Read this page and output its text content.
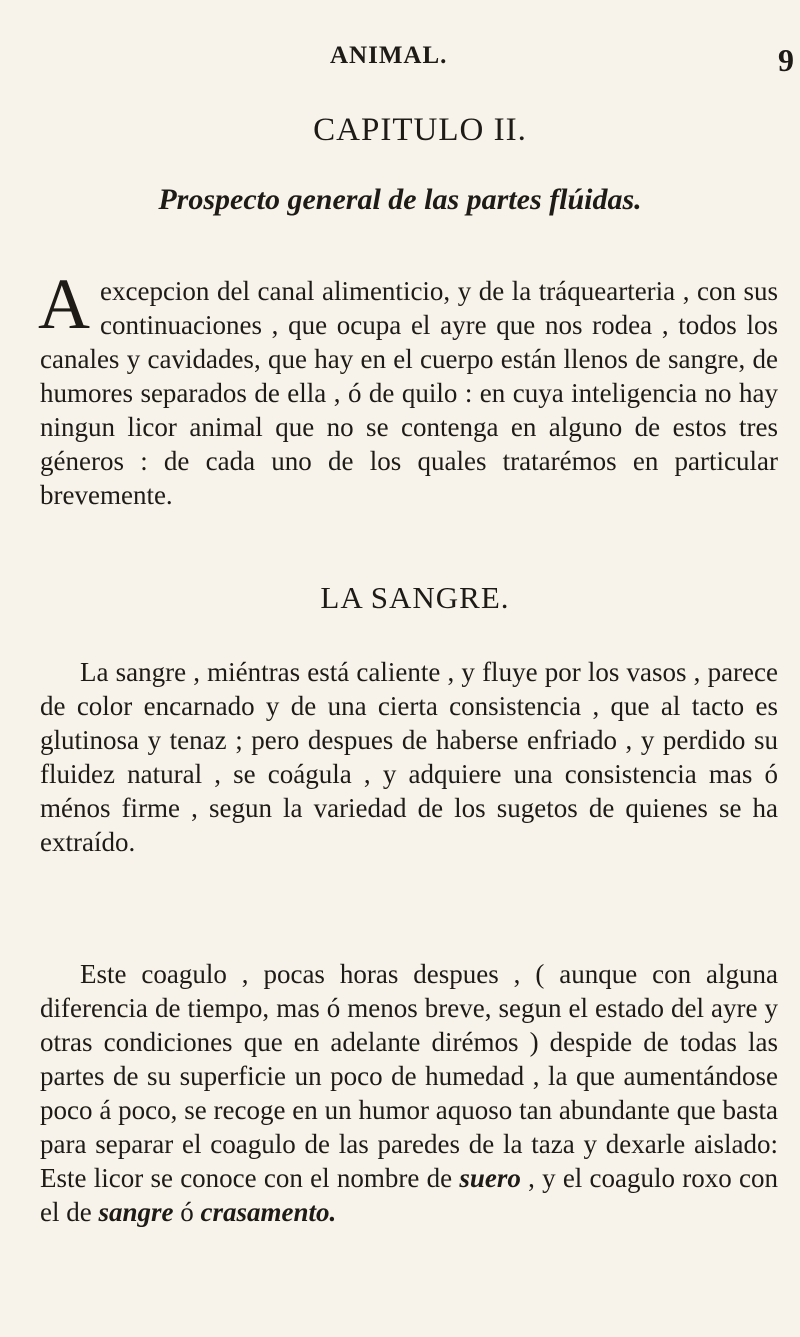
ANIMAL.	9
CAPITULO II.
Prospecto general de las partes flúidas.
A excepcion del canal alimenticio, y de la tráquearteria , con sus continuaciones , que ocupa el ayre que nos rodea , todos los canales y cavidades, que hay en el cuerpo están llenos de sangre, de humores separados de ella , ó de quilo : en cuya inteligencia no hay ningun licor animal que no se contenga en alguno de estos tres géneros : de cada uno de los quales tratarémos en particular brevemente.
LA SANGRE.
La sangre , miéntras está caliente , y fluye por los vasos , parece de color encarnado y de una cierta consistencia , que al tacto es glutinosa y tenaz ; pero despues de haberse enfriado , y perdido su fluidez natural , se coágula , y adquiere una consistencia mas ó ménos firme , segun la variedad de los sugetos de quienes se ha extraído.
Este coagulo , pocas horas despues , ( aunque con alguna diferencia de tiempo, mas ó menos breve, segun el estado del ayre y otras condiciones que en adelante dirémos ) despide de todas las partes de su superficie un poco de humedad , la que aumentándose poco á poco, se recoge en un humor aquoso tan abundante que basta para separar el coagulo de las paredes de la taza y dexarle aislado: Este licor se conoce con el nombre de suero , y el coagulo roxo con el de sangre ó crasamento.
